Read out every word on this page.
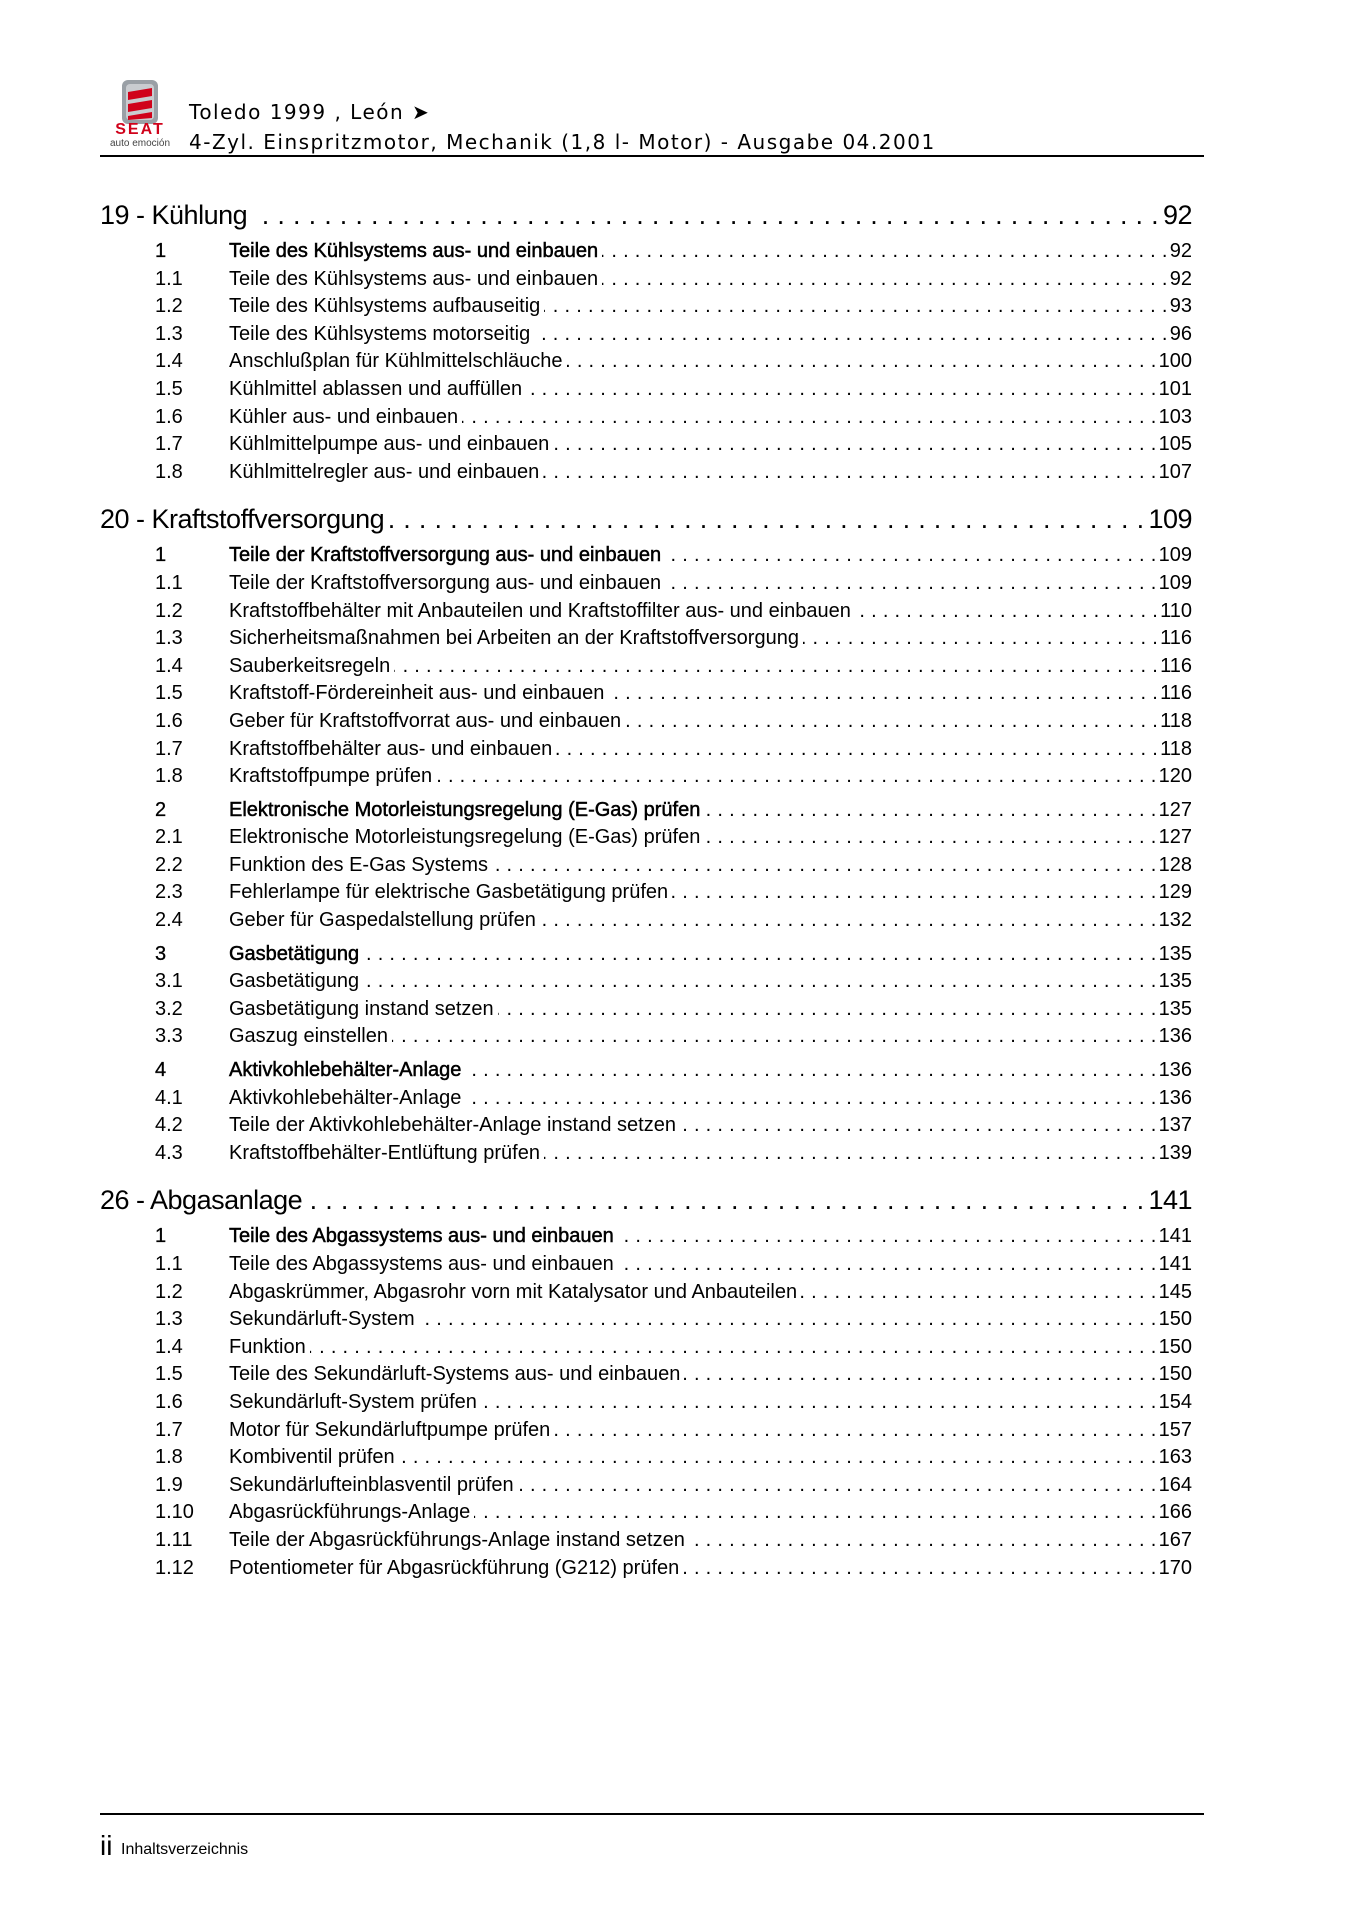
SEAT
auto emoción
Toledo 1999 , León ➤
4-Zyl. Einspritzmotor, Mechanik (1,8 l- Motor) - Ausgabe 04.2001
19 - Kühlung . . .	92
1	Teile des Kühlsystems aus- und einbauen . . .	92
1.1	Teile des Kühlsystems aus- und einbauen . . .	92
1.2	Teile des Kühlsystems aufbauseitig . . .	93
1.3	Teile des Kühlsystems motorseitig . . .	96
1.4	Anschlußplan für Kühlmittelschläuche . . .	100
1.5	Kühlmittel ablassen und auffüllen . . .	101
1.6	Kühler aus- und einbauen . . .	103
1.7	Kühlmittelpumpe aus- und einbauen . . .	105
1.8	Kühlmittelregler aus- und einbauen . . .	107
20 - Kraftstoffversorgung . . .	109
1	Teile der Kraftstoffversorgung aus- und einbauen . . .	109
1.1	Teile der Kraftstoffversorgung aus- und einbauen . . .	109
1.2	Kraftstoffbehälter mit Anbauteilen und Kraftstoffilter aus- und einbauen . . .	110
1.3	Sicherheitsmaßnahmen bei Arbeiten an der Kraftstoffversorgung . . .	116
1.4	Sauberkeitsregeln . . .	116
1.5	Kraftstoff-Fördereinheit aus- und einbauen . . .	116
1.6	Geber für Kraftstoffvorrat aus- und einbauen . . .	118
1.7	Kraftstoffbehälter aus- und einbauen . . .	118
1.8	Kraftstoffpumpe prüfen . . .	120
2	Elektronische Motorleistungsregelung (E-Gas) prüfen . . .	127
2.1	Elektronische Motorleistungsregelung (E-Gas) prüfen . . .	127
2.2	Funktion des E-Gas Systems . . .	128
2.3	Fehlerlampe für elektrische Gasbetätigung prüfen . . .	129
2.4	Geber für Gaspedalstellung prüfen . . .	132
3	Gasbetätigung . . .	135
3.1	Gasbetätigung . . .	135
3.2	Gasbetätigung instand setzen . . .	135
3.3	Gaszug einstellen . . .	136
4	Aktivkohlebehälter-Anlage . . .	136
4.1	Aktivkohlebehälter-Anlage . . .	136
4.2	Teile der Aktivkohlebehälter-Anlage instand setzen . . .	137
4.3	Kraftstoffbehälter-Entlüftung prüfen . . .	139
26 - Abgasanlage . . .	141
1	Teile des Abgassystems aus- und einbauen . . .	141
1.1	Teile des Abgassystems aus- und einbauen . . .	141
1.2	Abgaskrümmer, Abgasrohr vorn mit Katalysator und Anbauteilen . . .	145
1.3	Sekundärluft-System . . .	150
1.4	Funktion . . .	150
1.5	Teile des Sekundärluft-Systems aus- und einbauen . . .	150
1.6	Sekundärluft-System prüfen . . .	154
1.7	Motor für Sekundärluftpumpe prüfen . . .	157
1.8	Kombiventil prüfen . . .	163
1.9	Sekundärlufteinblasventil prüfen . . .	164
1.10	Abgasrückführungs-Anlage . . .	166
1.11	Teile der Abgasrückführungs-Anlage instand setzen . . .	167
1.12	Potentiometer für Abgasrückführung (G212) prüfen . . .	170
ii Inhaltsverzeichnis
